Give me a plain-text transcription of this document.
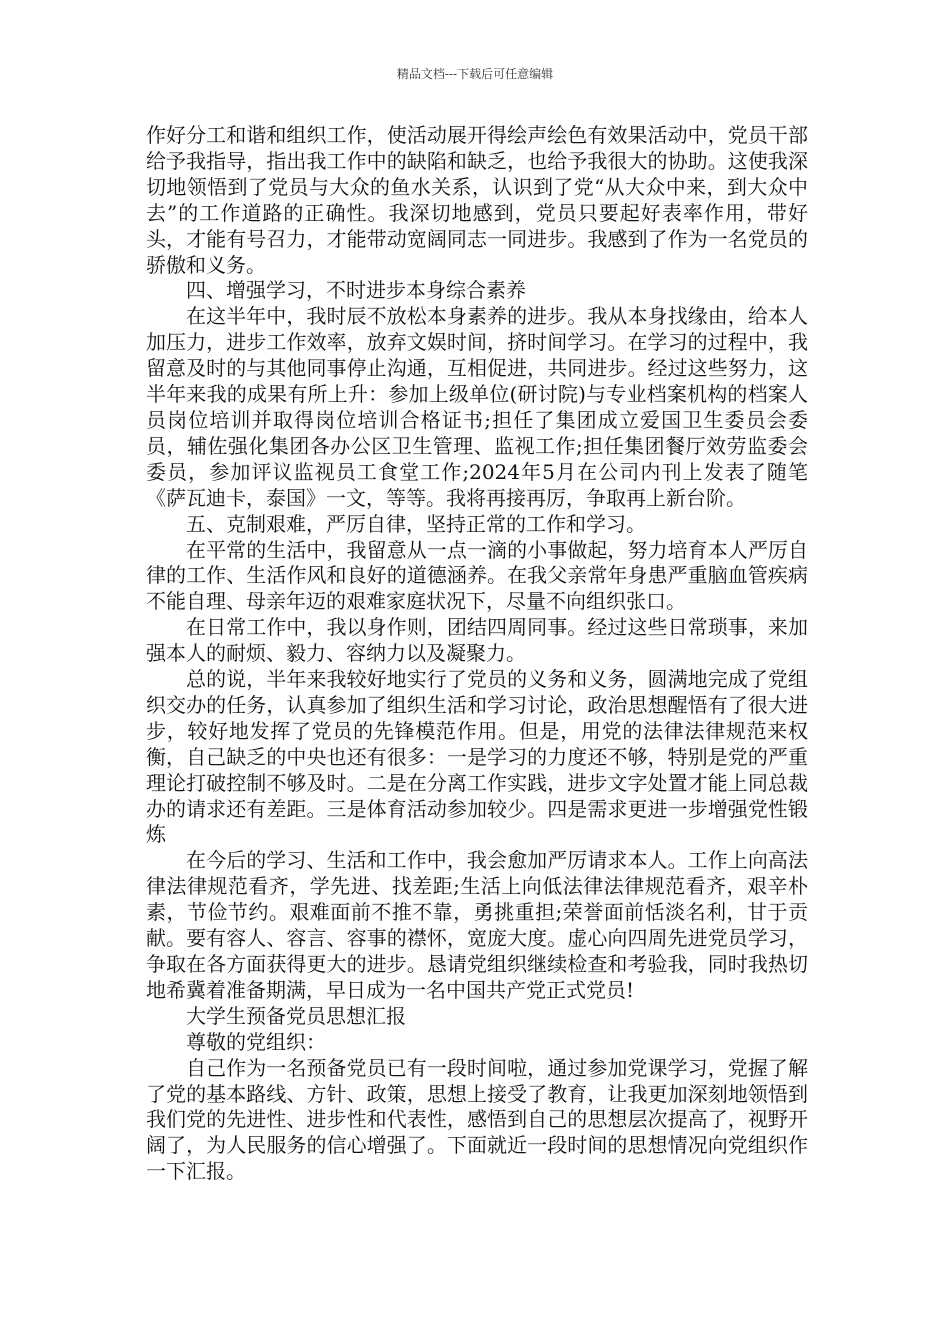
精品文档---下载后可任意编辑

作好分工和谐和组织工作，使活动展开得绘声绘色有效果活动中，党员干部给予我指导，指出我工作中的缺陷和缺乏，也给予我很大的协助。这使我深切地领悟到了党员与大众的鱼水关系，认识到了党“从大众中来，到大众中去”的工作道路的正确性。我深切地感到，党员只要起好表率作用，带好头，才能有号召力，才能带动宽阔同志一同进步。我感到了作为一名党员的骄傲和义务。

四、增强学习，不时进步本身综合素养

在这半年中，我时辰不放松本身素养的进步。我从本身找缘由，给本人加压力，进步工作效率，放弃文娱时间，挤时间学习。在学习的过程中，我留意及时的与其他同事停止沟通，互相促进，共同进步。经过这些努力，这半年来我的成果有所上升：参加上级单位(研讨院)与专业档案机构的档案人员岗位培训并取得岗位培训合格证书;担任了集团成立爱国卫生委员会委员，辅佐强化集团各办公区卫生管理、监视工作;担任集团餐厅效劳监委会委员，参加评议监视员工食堂工作;2024年5月在公司内刊上发表了随笔《萨瓦迪卡，泰国》一文，等等。我将再接再厉，争取再上新台阶。

五、克制艰难，严厉自律，坚持正常的工作和学习。

在平常的生活中，我留意从一点一滴的小事做起，努力培育本人严厉自律的工作、生活作风和良好的道德涵养。在我父亲常年身患严重脑血管疾病不能自理、母亲年迈的艰难家庭状况下，尽量不向组织张口。

在日常工作中，我以身作则，团结四周同事。经过这些日常琐事，来加强本人的耐烦、毅力、容纳力以及凝聚力。

总的说，半年来我较好地实行了党员的义务和义务，圆满地完成了党组织交办的任务，认真参加了组织生活和学习讨论，政治思想醒悟有了很大进步，较好地发挥了党员的先锋模范作用。但是，用党的法律法律规范来权衡，自己缺乏的中央也还有很多：一是学习的力度还不够，特别是党的严重理论打破控制不够及时。二是在分离工作实践，进步文字处置才能上同总裁办的请求还有差距。三是体育活动参加较少。四是需求更进一步增强党性锻炼

在今后的学习、生活和工作中，我会愈加严厉请求本人。工作上向高法律法律规范看齐，学先进、找差距;生活上向低法律法律规范看齐，艰辛朴素，节俭节约。艰难面前不推不靠，勇挑重担;荣誉面前恬淡名利，甘于贡献。要有容人、容言、容事的襟怀，宽庞大度。虚心向四周先进党员学习，争取在各方面获得更大的进步。恳请党组织继续检查和考验我，同时我热切地希冀着准备期满，早日成为一名中国共产党正式党员!

大学生预备党员思想汇报

尊敬的党组织：

自己作为一名预备党员已有一段时间啦，通过参加党课学习，党握了解了党的基本路线、方针、政策，思想上接受了教育，让我更加深刻地领悟到我们党的先进性、进步性和代表性，感悟到自己的思想层次提高了，视野开阔了，为人民服务的信心增强了。下面就近一段时间的思想情况向党组织作一下汇报。
